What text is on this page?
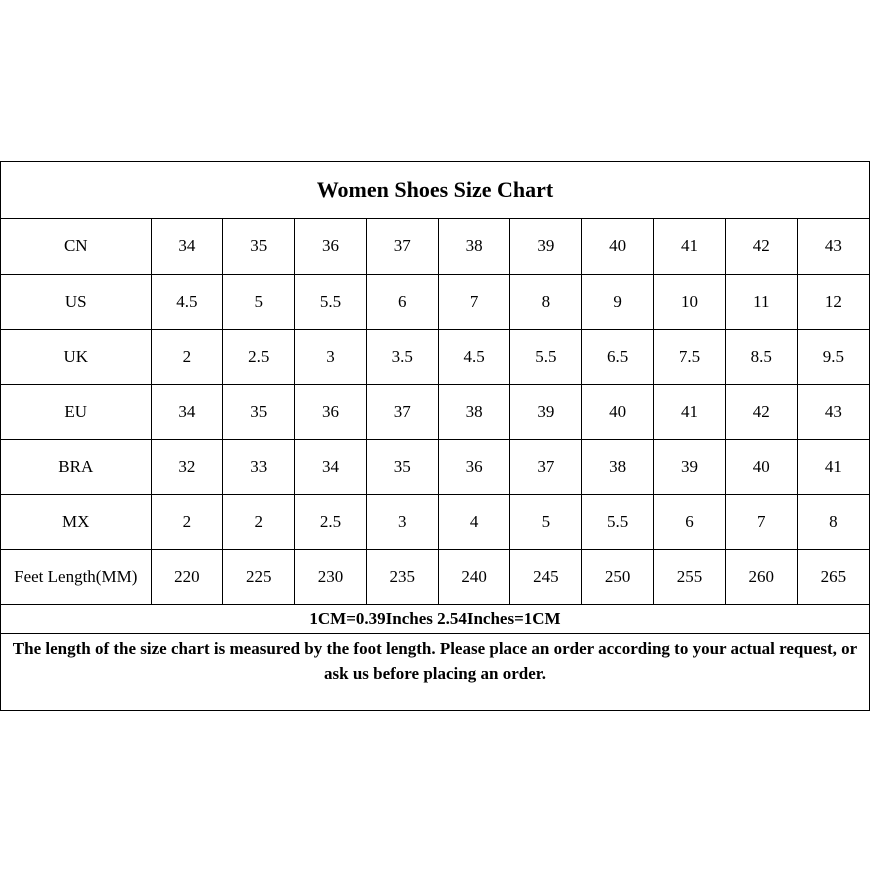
Women Shoes Size Chart
CN	34	35	36	37	38	39	40	41	42	43
US	4.5	5	5.5	6	7	8	9	10	11	12
UK	2	2.5	3	3.5	4.5	5.5	6.5	7.5	8.5	9.5
EU	34	35	36	37	38	39	40	41	42	43
BRA	32	33	34	35	36	37	38	39	40	41
MX	2	2	2.5	3	4	5	5.5	6	7	8
Feet Length(MM)	220	225	230	235	240	245	250	255	260	265
1CM=0.39Inches 2.54Inches=1CM
The length of the size chart is measured by the foot length. Please place an order according to your actual request, or ask us before placing an order.
